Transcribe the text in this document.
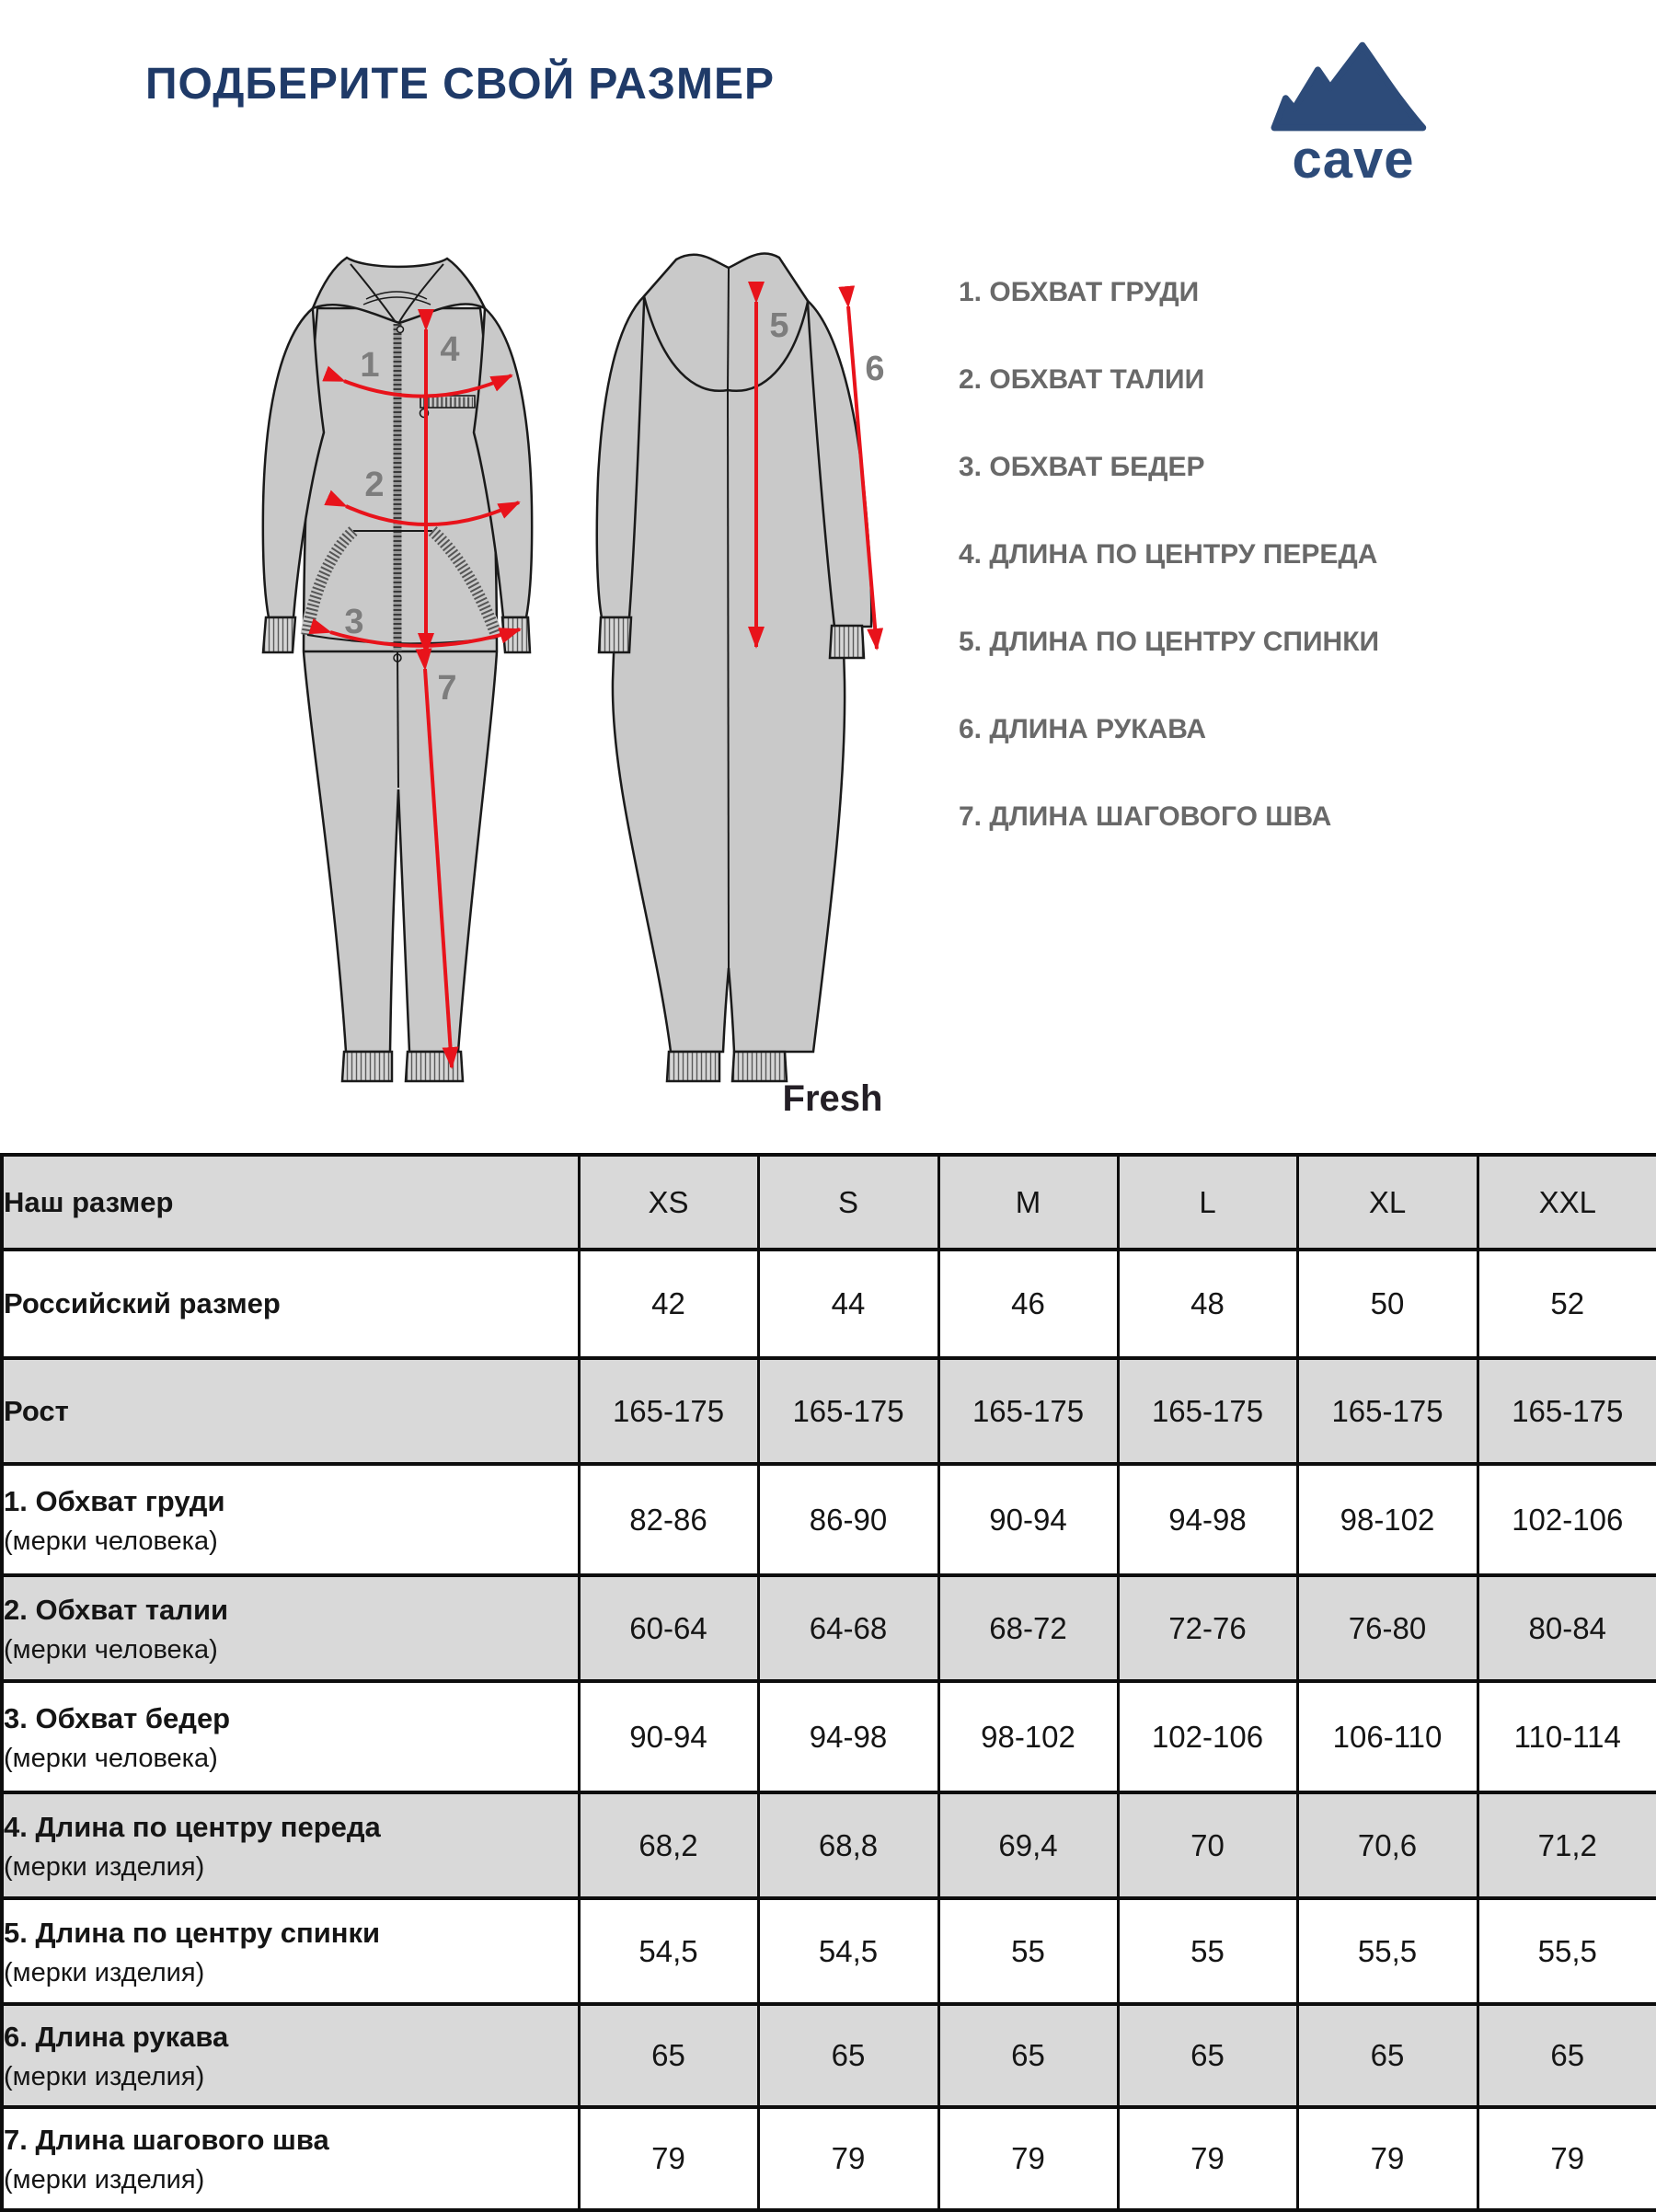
ПОДБЕРИТЕ СВОЙ РАЗМЕР
cave
1. ОБХВАТ ГРУДИ
2. ОБХВАТ ТАЛИИ
3. ОБХВАТ БЕДЕР
4. ДЛИНА ПО ЦЕНТРУ ПЕРЕДА
5. ДЛИНА ПО ЦЕНТРУ СПИНКИ
6. ДЛИНА РУКАВА
7. ДЛИНА ШАГОВОГО ШВА
1
2
3
4
5
6
7
Fresh
Наш размер	XS	S	M	L	XL	XXL

Российский размер	42	44	46	48	50	52

Рост	165-175	165-175	165-175	165-175	165-175	165-175

1. Обхват груди
(мерки человека)	82-86	86-90	90-94	94-98	98-102	102-106

2. Обхват талии
(мерки человека)	60-64	64-68	68-72	72-76	76-80	80-84

3. Обхват бедер
(мерки человека)	90-94	94-98	98-102	102-106	106-110	110-114

4. Длина по центру переда
(мерки изделия)	68,2	68,8	69,4	70	70,6	71,2

5. Длина по центру спинки
(мерки изделия)	54,5	54,5	55	55	55,5	55,5

6. Длина рукава
(мерки изделия)	65	65	65	65	65	65

7. Длина шагового шва
(мерки изделия)	79	79	79	79	79	79
